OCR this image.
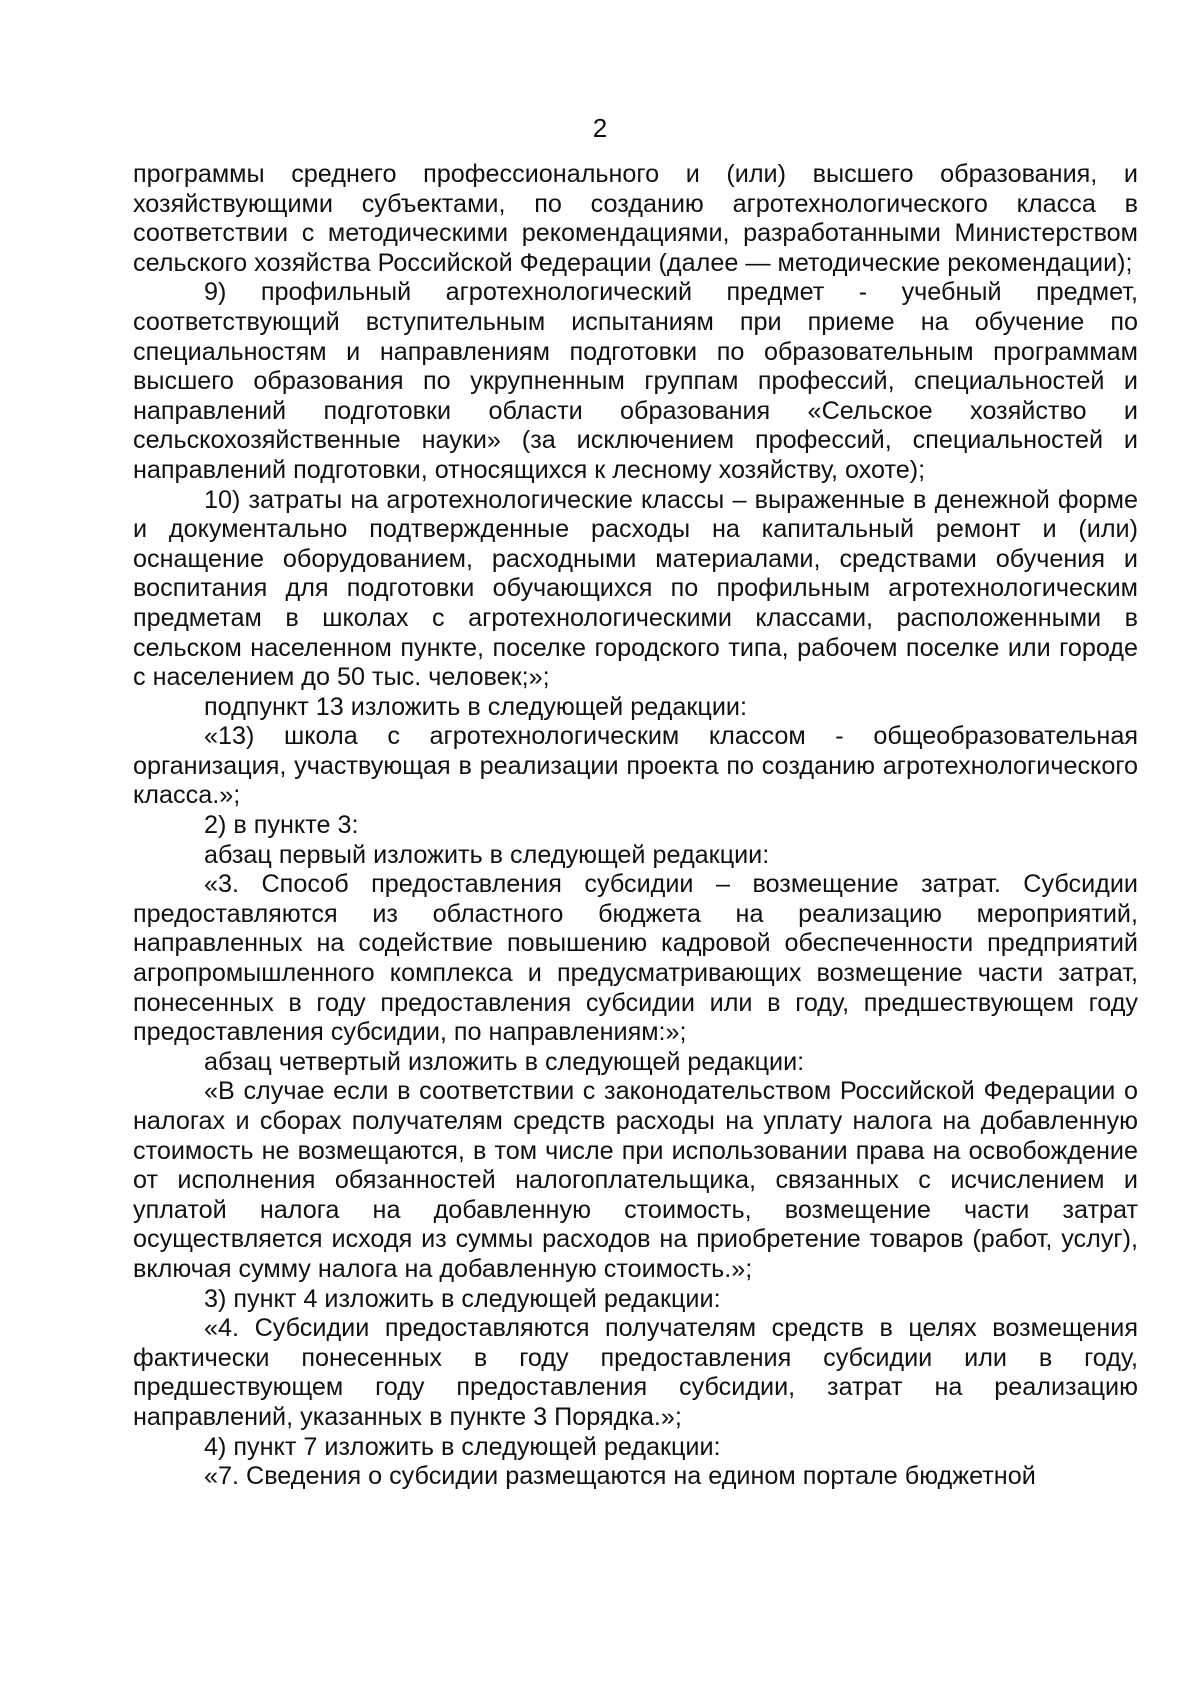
2

программы среднего профессионального и (или) высшего образования, и хозяйствующими субъектами, по созданию агротехнологического класса в соответствии с методическими рекомендациями, разработанными Министерством сельского хозяйства Российской Федерации (далее — методические рекомендации);

9) профильный агротехнологический предмет - учебный предмет, соответствующий вступительным испытаниям при приеме на обучение по специальностям и направлениям подготовки по образовательным программам высшего образования по укрупненным группам профессий, специальностей и направлений подготовки области образования «Сельское хозяйство и сельскохозяйственные науки» (за исключением профессий, специальностей и направлений подготовки, относящихся к лесному хозяйству, охоте);

10) затраты на агротехнологические классы – выраженные в денежной форме и документально подтвержденные расходы на капитальный ремонт и (или) оснащение оборудованием, расходными материалами, средствами обучения и воспитания для подготовки обучающихся по профильным агротехнологическим предметам в школах с агротехнологическими классами, расположенными в сельском населенном пункте, поселке городского типа, рабочем поселке или городе с населением до 50 тыс. человек;»;

подпункт 13 изложить в следующей редакции:

«13) школа с агротехнологическим классом - общеобразовательная организация, участвующая в реализации проекта по созданию агротехнологического класса.»;

2) в пункте 3:

абзац первый изложить в следующей редакции:

«3. Способ предоставления субсидии – возмещение затрат. Субсидии предоставляются из областного бюджета на реализацию мероприятий, направленных на содействие повышению кадровой обеспеченности предприятий агропромышленного комплекса и предусматривающих возмещение части затрат, понесенных в году предоставления субсидии или в году, предшествующем году предоставления субсидии, по направлениям:»;

абзац четвертый изложить в следующей редакции:

«В случае если в соответствии с законодательством Российской Федерации о налогах и сборах получателям средств расходы на уплату налога на добавленную стоимость не возмещаются, в том числе при использовании права на освобождение от исполнения обязанностей налогоплательщика, связанных с исчислением и уплатой налога на добавленную стоимость, возмещение части затрат осуществляется исходя из суммы расходов на приобретение товаров (работ, услуг), включая сумму налога на добавленную стоимость.»;

3) пункт 4 изложить в следующей редакции:

«4. Субсидии предоставляются получателям средств в целях возмещения фактически понесенных в году предоставления субсидии или в году, предшествующем году предоставления субсидии, затрат на реализацию направлений, указанных в пункте 3 Порядка.»;

4) пункт 7 изложить в следующей редакции:

«7. Сведения о субсидии размещаются на едином портале бюджетной
